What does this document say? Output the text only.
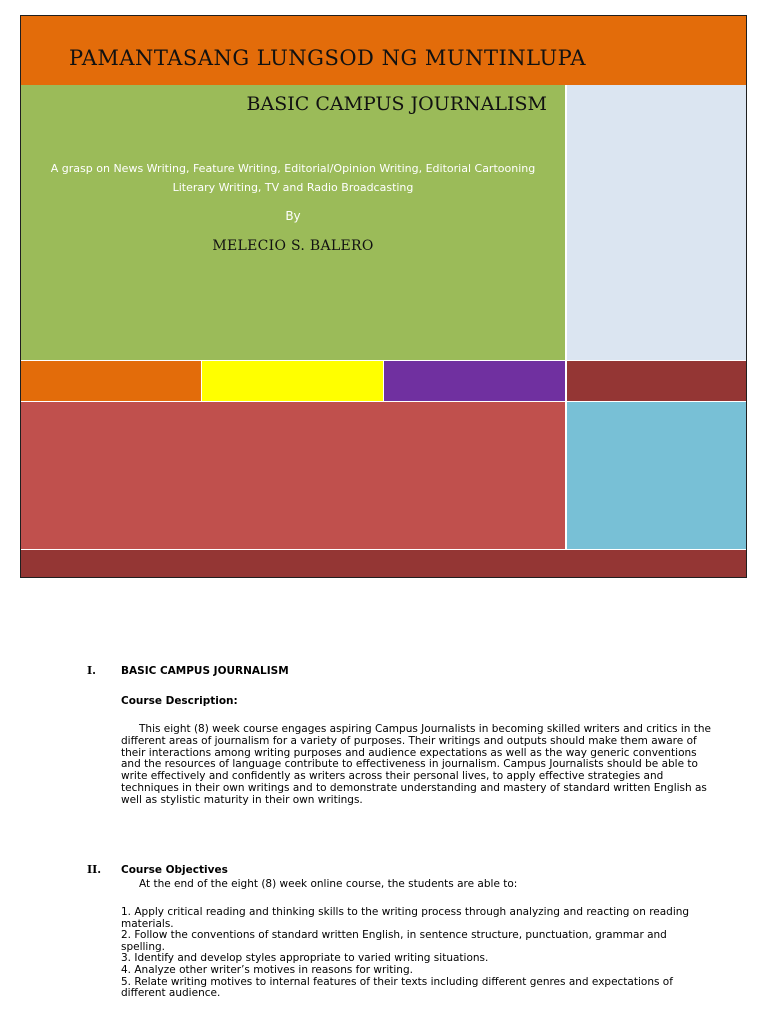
PAMANTASANG LUNGSOD NG MUNTINLUPA
BASIC CAMPUS JOURNALISM
A grasp on News Writing, Feature Writing, Editorial/Opinion Writing, Editorial Cartooning
Literary Writing, TV and Radio Broadcasting
By
MELECIO S. BALERO
I. BASIC CAMPUS JOURNALISM
Course Description:
This eight (8) week course engages aspiring Campus Journalists in becoming skilled writers and critics in the different areas of journalism for a variety of purposes. Their writings and outputs should make them aware of their interactions among writing purposes and audience expectations as well as the way generic conventions and the resources of language contribute to effectiveness in journalism. Campus Journalists should be able to write effectively and confidently as writers across their personal lives, to apply effective strategies and techniques in their own writings and to demonstrate understanding and mastery of standard written English as well as stylistic maturity in their own writings.
II. Course Objectives
At the end of the eight (8) week online course, the students are able to:
1. Apply critical reading and thinking skills to the writing process through analyzing and reacting on reading materials.
2. Follow the conventions of standard written English, in sentence structure, punctuation, grammar and spelling.
3. Identify and develop styles appropriate to varied writing situations.
4. Analyze other writer’s motives in reasons for writing.
5. Relate writing motives to internal features of their texts including different genres and expectations of different audience.
